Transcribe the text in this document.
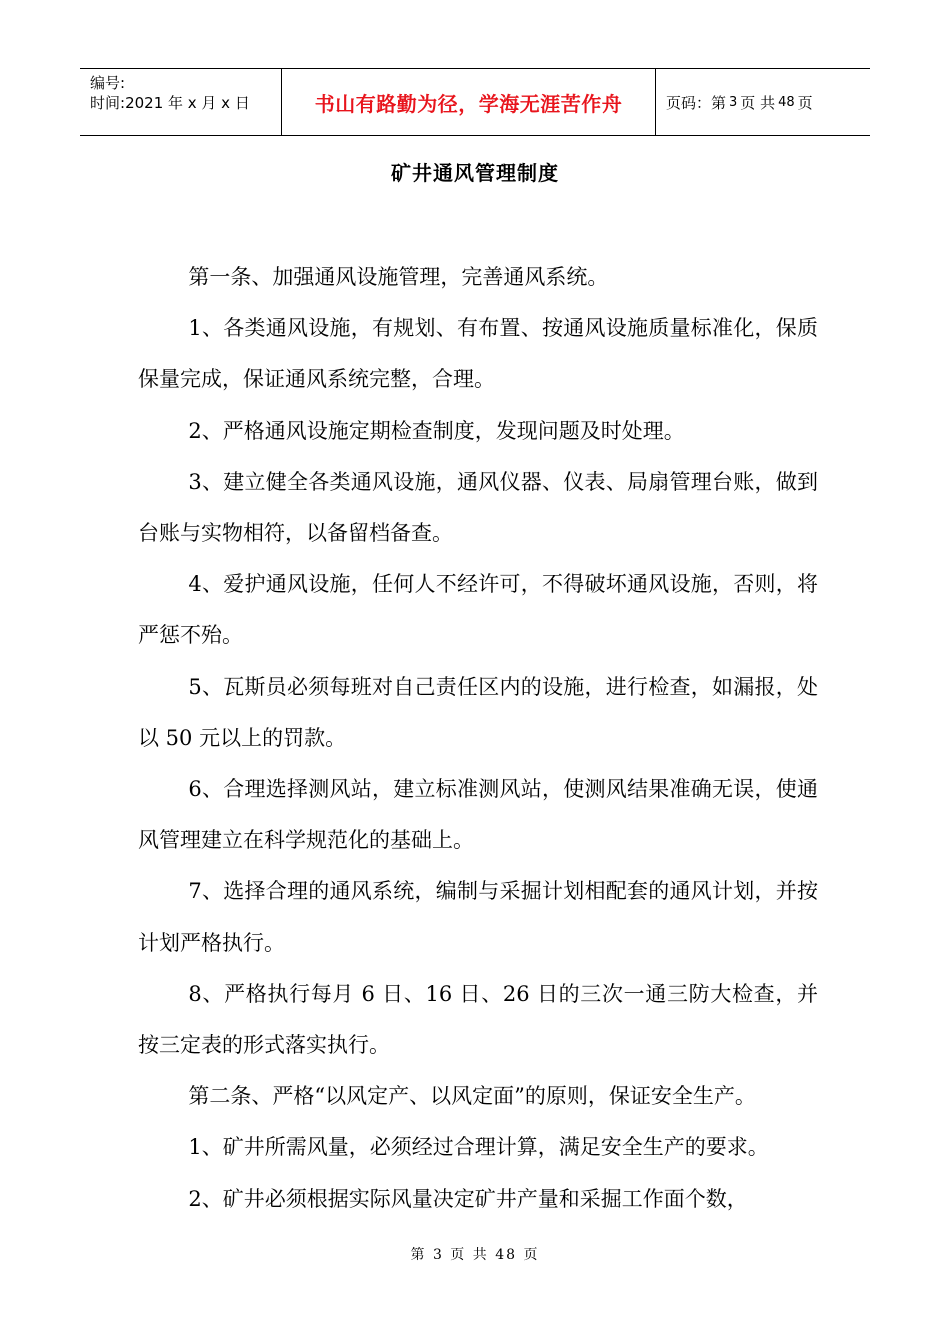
编号:
时间:2021 年 x 月 x 日	书山有路勤为径，学海无涯苦作舟	页码：第 3 页 共 48 页
矿井通风管理制度

第一条、加强通风设施管理，完善通风系统。

1、各类通风设施，有规划、有布置、按通风设施质量标准化，保质保量完成，保证通风系统完整，合理。

2、严格通风设施定期检查制度，发现问题及时处理。

3、建立健全各类通风设施，通风仪器、仪表、局扇管理台账，做到台账与实物相符，以备留档备查。

4、爱护通风设施，任何人不经许可，不得破坏通风设施，否则，将严惩不殆。

5、瓦斯员必须每班对自己责任区内的设施，进行检查，如漏报，处以 50 元以上的罚款。

6、合理选择测风站，建立标准测风站，使测风结果准确无误，使通风管理建立在科学规范化的基础上。

7、选择合理的通风系统，编制与采掘计划相配套的通风计划，并按计划严格执行。

8、严格执行每月 6 日、16 日、26 日的三次一通三防大检查，并按三定表的形式落实执行。

第二条、严格“以风定产、以风定面”的原则，保证安全生产。

1、矿井所需风量，必须经过合理计算，满足安全生产的要求。

2、矿井必须根据实际风量决定矿井产量和采掘工作面个数，

第 3 页 共 48 页
